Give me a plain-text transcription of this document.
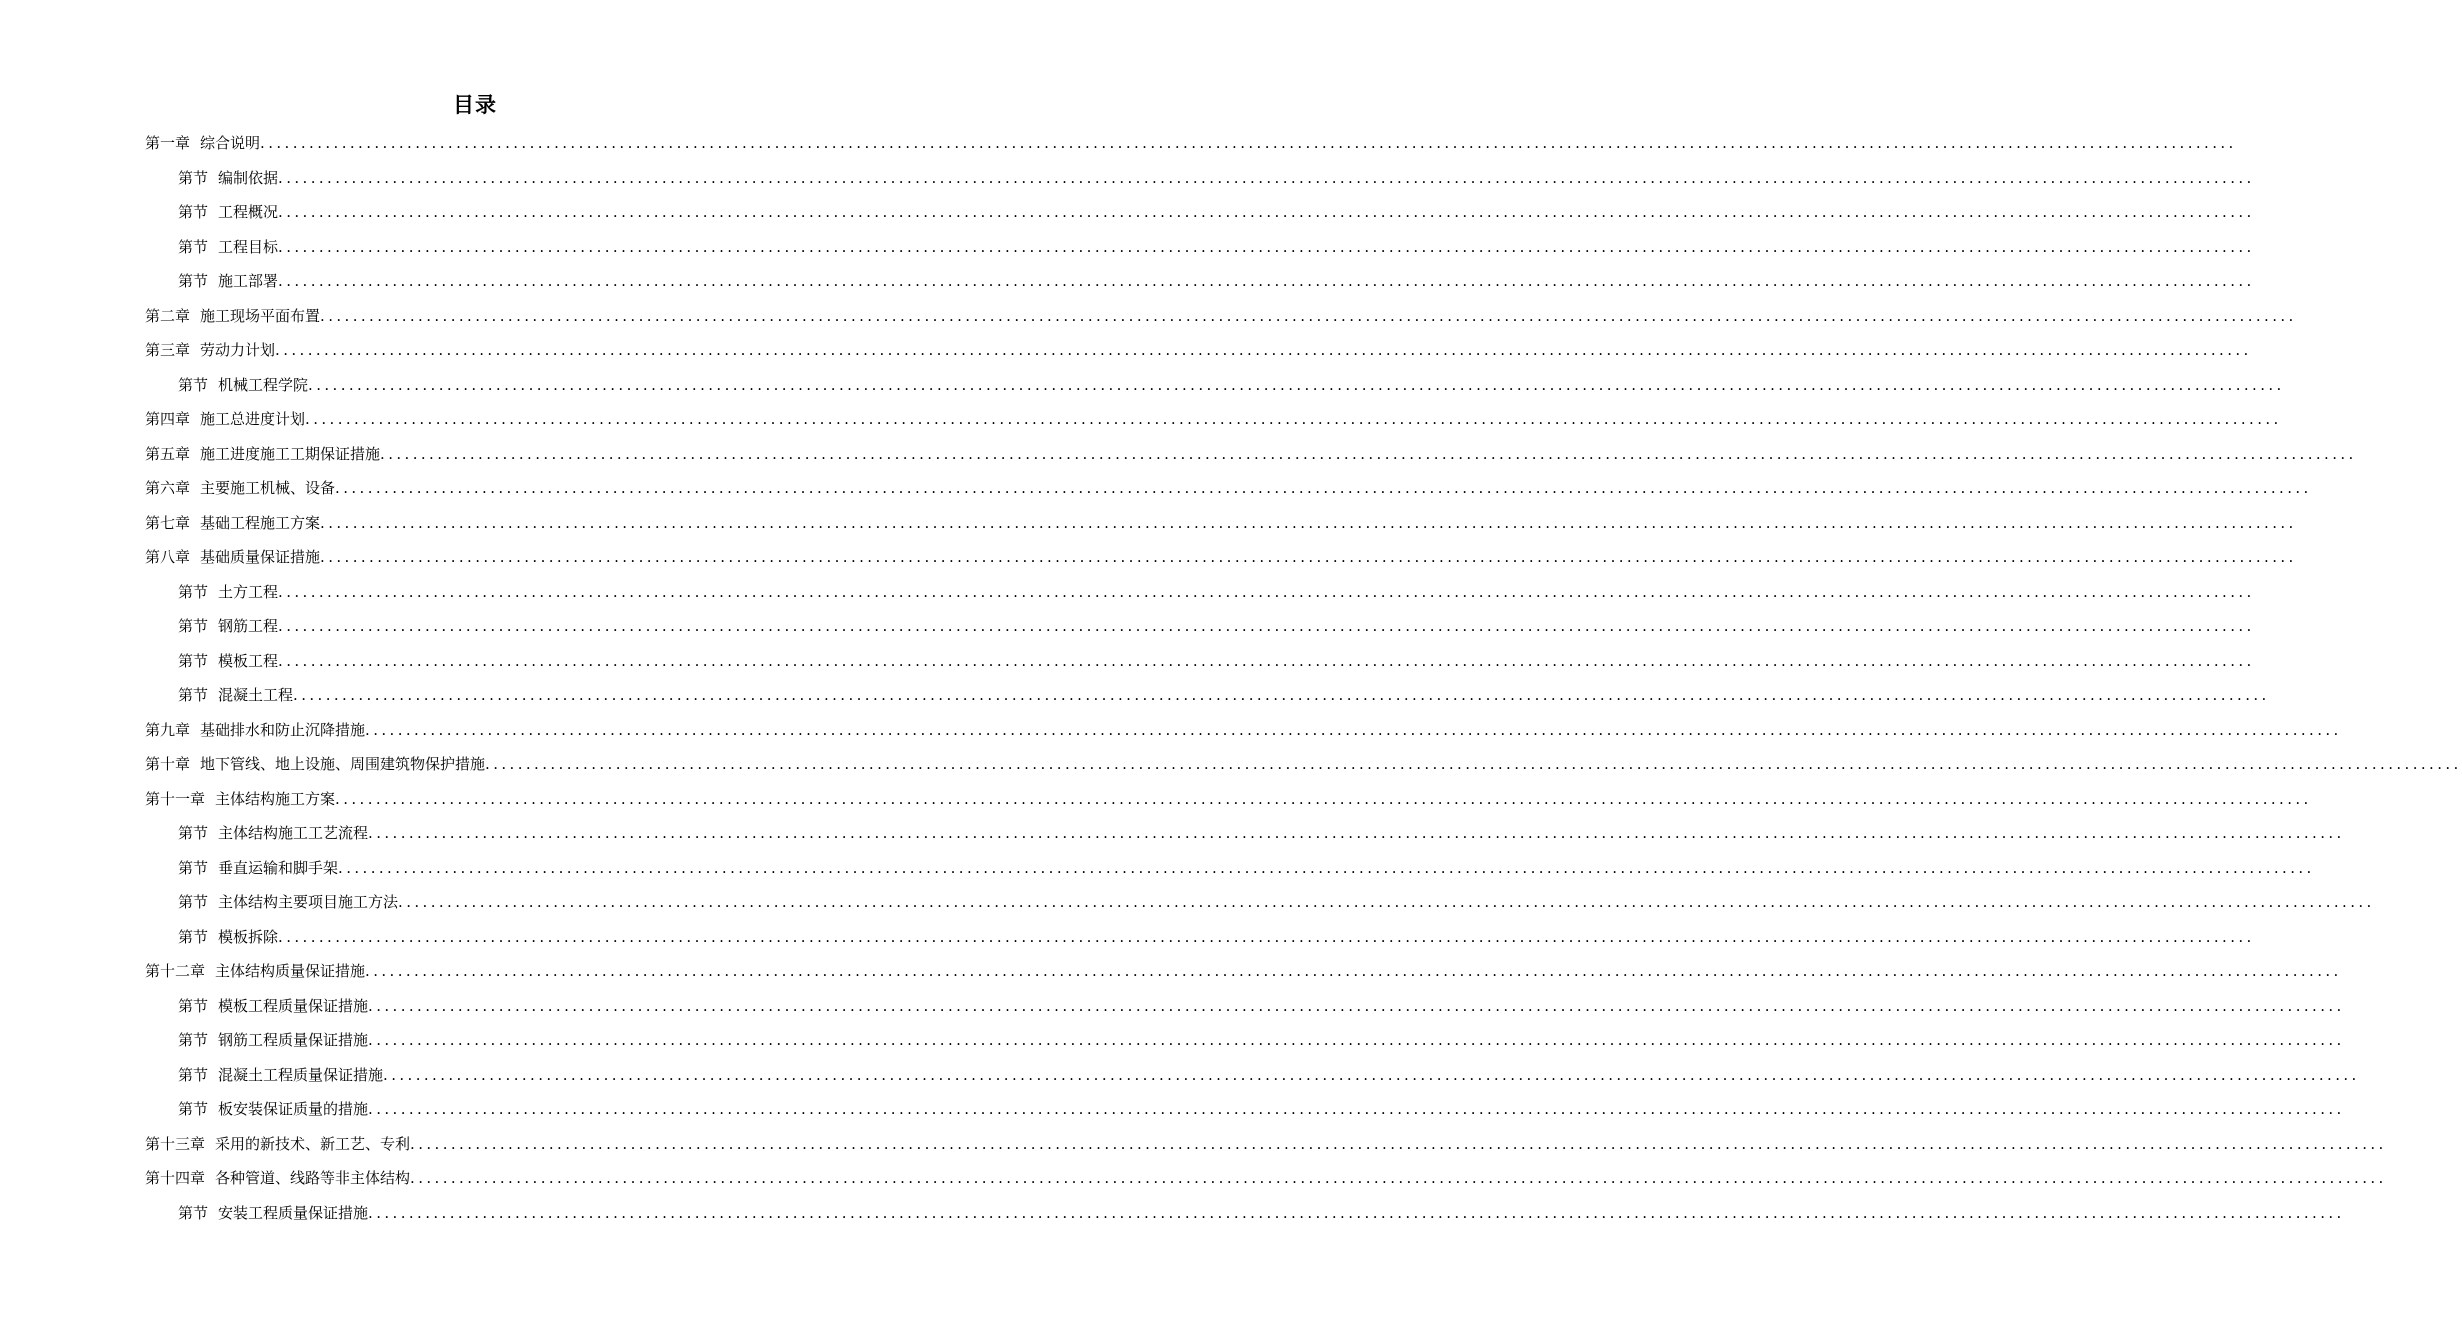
目录
第一章 综合说明 ..................................................................................................................................................................................................................................................
第节 编制依据 ..................................................................................................................................................................................................................................................
第节 工程概况 ..................................................................................................................................................................................................................................................
第节 工程目标 ..................................................................................................................................................................................................................................................
第节 施工部署 ..................................................................................................................................................................................................................................................
第二章 施工现场平面布置 ..................................................................................................................................................................................................................................................
第三章 劳动力计划 ..................................................................................................................................................................................................................................................
第节 机械工程学院 ..................................................................................................................................................................................................................................................
第四章 施工总进度计划 ..................................................................................................................................................................................................................................................
第五章 施工进度施工工期保证措施 ..................................................................................................................................................................................................................................................
第六章 主要施工机械、设备 ..................................................................................................................................................................................................................................................
第七章 基础工程施工方案 ..................................................................................................................................................................................................................................................
第八章 基础质量保证措施 ..................................................................................................................................................................................................................................................
第节 土方工程 ..................................................................................................................................................................................................................................................
第节 钢筋工程 ..................................................................................................................................................................................................................................................
第节 模板工程 ..................................................................................................................................................................................................................................................
第节 混凝土工程 ..................................................................................................................................................................................................................................................
第九章 基础排水和防止沉降措施 ..................................................................................................................................................................................................................................................
第十章 地下管线、地上设施、周围建筑物保护措施 ..................................................................................................................................................................................................................................................
第十一章 主体结构施工方案 ..................................................................................................................................................................................................................................................
第节 主体结构施工工艺流程 ..................................................................................................................................................................................................................................................
第节 垂直运输和脚手架 ..................................................................................................................................................................................................................................................
第节 主体结构主要项目施工方法 ..................................................................................................................................................................................................................................................
第节 模板拆除 ..................................................................................................................................................................................................................................................
第十二章 主体结构质量保证措施 ..................................................................................................................................................................................................................................................
第节 模板工程质量保证措施 ..................................................................................................................................................................................................................................................
第节 钢筋工程质量保证措施 ..................................................................................................................................................................................................................................................
第节 混凝土工程质量保证措施 ..................................................................................................................................................................................................................................................
第节 板安装保证质量的措施 ..................................................................................................................................................................................................................................................
第十三章 采用的新技术、新工艺、专利 ..................................................................................................................................................................................................................................................
第十四章 各种管道、线路等非主体结构 ..................................................................................................................................................................................................................................................
第节 安装工程质量保证措施 ..................................................................................................................................................................................................................................................
